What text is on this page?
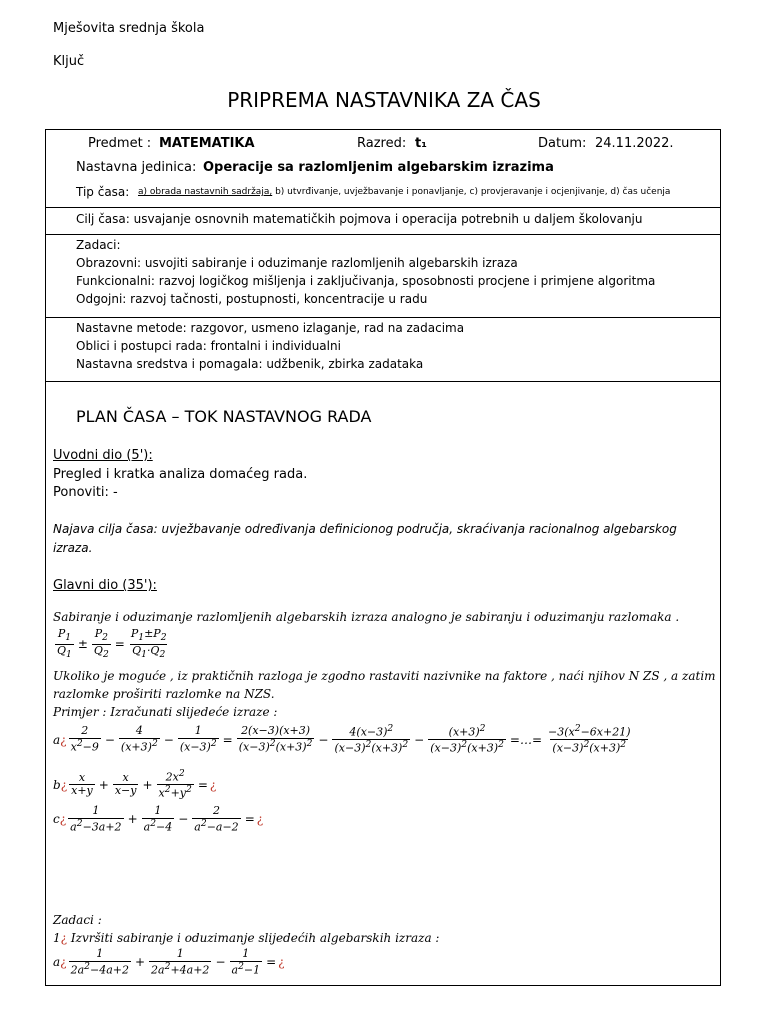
Mješovita srednja škola
Ključ
PRIPREMA NASTAVNIKA ZA ČAS
Predmet : MATEMATIKA	Razred: t₁	Datum: 24.11.2022.
Nastavna jedinica: Operacije sa razlomljenim algebarskim izrazima
Tip časa: a) obrada nastavnih sadržaja, b) utvrđivanje, uvježbavanje i ponavljanje, c) provjeravanje i ocjenjivanje, d) čas učenja
Cilj časa: usvajanje osnovnih matematičkih pojmova i operacija potrebnih u daljem školovanju
Zadaci:
Obrazovni: usvojiti sabiranje i oduzimanje razlomljenih algebarskih izraza
Funkcionalni: razvoj logičkog mišljenja i zaključivanja, sposobnosti procjene i primjene algoritma
Odgojni: razvoj tačnosti, postupnosti, koncentracije u radu
Nastavne metode: razgovor, usmeno izlaganje, rad na zadacima
Oblici i postupci rada: frontalni i individualni
Nastavna sredstva i pomagala: udžbenik, zbirka zadataka
PLAN ČASA – TOK NASTAVNOG RADA
Uvodni dio (5'):
Pregled i kratka analiza domaćeg rada.
Ponoviti: -
Najava cilja časa: uvježbavanje određivanja definicionog područja, skraćivanja racionalnog algebarskog
izraza.
Glavni dio (35'):
Sabiranje i oduzimanje razlomljenih algebarskih izraza analogno je sabiranju i oduzimanju razlomaka .
$\frac{P_1}{Q_1} \pm \frac{P_2}{Q_2} = \frac{P_1\pm P_2}{Q_1\cdot Q_2}$
Ukoliko je moguće , iz praktičnih razloga je zgodno rastaviti nazivnike na faktore , naći njihov N ZS , a zatim
razlomke proširiti razlomke na NZS.
Primjer : Izračunati slijedeće izraze :
a ¿ $\frac{2}{x^2-9} - \frac{4}{(x+3)^2} - \frac{1}{(x-3)^2} = \frac{2(x-3)(x+3)}{(x-3)^2(x+3)^2} - \frac{4(x-3)^2}{(x-3)^2(x+3)^2} - \frac{(x+3)^2}{(x-3)^2(x+3)^2}$ =…= $\frac{-3(x^2-6x+21)}{(x-3)^2(x+3)^2}$
b ¿ $\frac{x}{x+y} + \frac{x}{x-y} + \frac{2x^2}{x^2+y^2}$ = ¿
c ¿ $\frac{1}{a^2-3a+2} + \frac{1}{a^2-4} - \frac{2}{a^2-a-2}$ = ¿
Zadaci :
1¿ Izvršiti sabiranje i oduzimanje slijedećih algebarskih izraza :
a ¿ $\frac{1}{2a^2-4a+2} + \frac{1}{2a^2+4a+2} - \frac{1}{a^2-1}$ = ¿
